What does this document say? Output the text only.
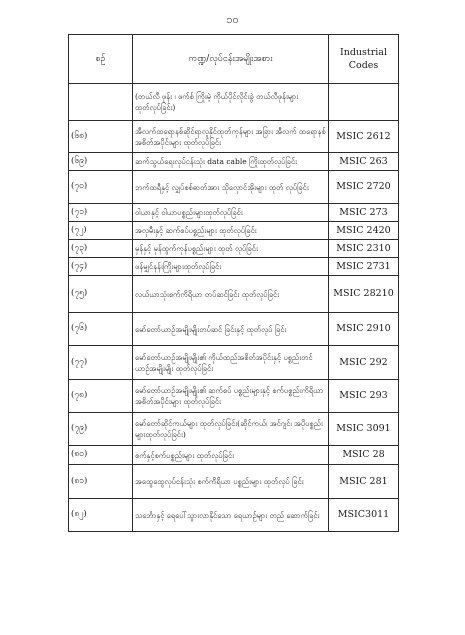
၁၀
စဉ်	ကဏ္ဍ/လုပ်ငန်းအမျိုးအစား	Industrial Codes

	(တယ်လီ ဖုန်း ၊ ဖက်စ် ကြိုးမဲ့ ကိုယ်ပိုင်လိုင်းခွဲ တယ်လီဖုန်းများ ထုတ်လုပ်ခြင်း)	
(၆၈)	အီလက်ထရောနစ်ဆိုင်ရာလူနိုင်ထုတ်ကုန်များ အခြား အီလက် ထရောနစ်အစိတ်အပိုင်းများ ထုတ်လုပ်ခြင်း	MSIC 2612
(၆၉)	ဆက်သွယ်ရေးလုပ်ငန်းသုံး data cable ကြိုးထုတ်လုပ်ခြင်း	MSIC 263
(၇၀)	ဘက်ထရီနှင့် လျှပ်စစ်ဓာတ်အား သိုလှောင်အိုးများ ထုတ် လုပ်ခြင်း	MSIC 2720
(၇၁)	ဝါယာနှင့် ဝါယာပစ္စည်းများထုတ်လုပ်ခြင်း	MSIC 273
(၇၂)	အလှမီးနှင့် ဆက်စပ်ပစ္စည်းများ ထုတ်လုပ်ခြင်း	MSIC 2420
(၇၃)	မှန်နှင့် မှန်ထွက်ကုန်ပစ္စည်းများ ထုတ် လုပ်ခြင်း	MSIC 2310
(၇၄)	ဖန်မျှင်နန်းကြိုးများထုတ်လုပ်ခြင်း	MSIC 2731
(၇၅)	လယ်ယာသုံးစက်ကိရိယာ တပ်ဆင်ခြင်း ထုတ်လုပ်ခြင်း	MSIC 28210
(၇၆)	မော်တော်ယာဉ်အမျိုးမျိုးတပ်ဆင် ခြင်းနှင့် ထုတ်လုပ် ခြင်း	MSIC 2910
(၇၇)	မော်တော်ယာဉ်အမျိုးမျိုး၏ ကိုယ်ထည်အစိတ်အပိုင်းနှင့် ပစ္စည်းတင် ယာဉ်အမျိုးမျိုး ထုတ်လုပ်ခြင်း	MSIC 292
(၇၈)	မော်တော်ယာဉ်အမျိုးမျိုး၏ ဆက်စပ် ပစ္စည်းများနှင့် စက်ပစ္စည်းကိရိယာ အစိတ်အပိုင်းများ ထုတ်လုပ်ခြင်း	MSIC 293
(၇၉)	မော်တော်ဆိုင်ကယ်များ ထုတ်လုပ်ခြင်း(ဆိုင်ကယ်၊ အင်ဂျင်၊ အပိုပစ္စည်းများထုတ်လုပ်ခြင်း)	MSIC 3091
(၈၀)	စက်နှင့်စက်ပစ္စည်းများ ထုတ်လုပ်ခြင်း	MSIC 28
(၈၁)	အထွေထွေလုပ်ငန်းသုံး စက်ကိရိယာ ပစ္စည်းများ ထုတ်လုပ် ခြင်း	MSIC 281
(၈၂)	သင်္ဘောနှင့် ရေပေါ်သွားလာနိုင်သော ရေယာဉ်များ တည် ဆောက်ခြင်း	MSIC3011
